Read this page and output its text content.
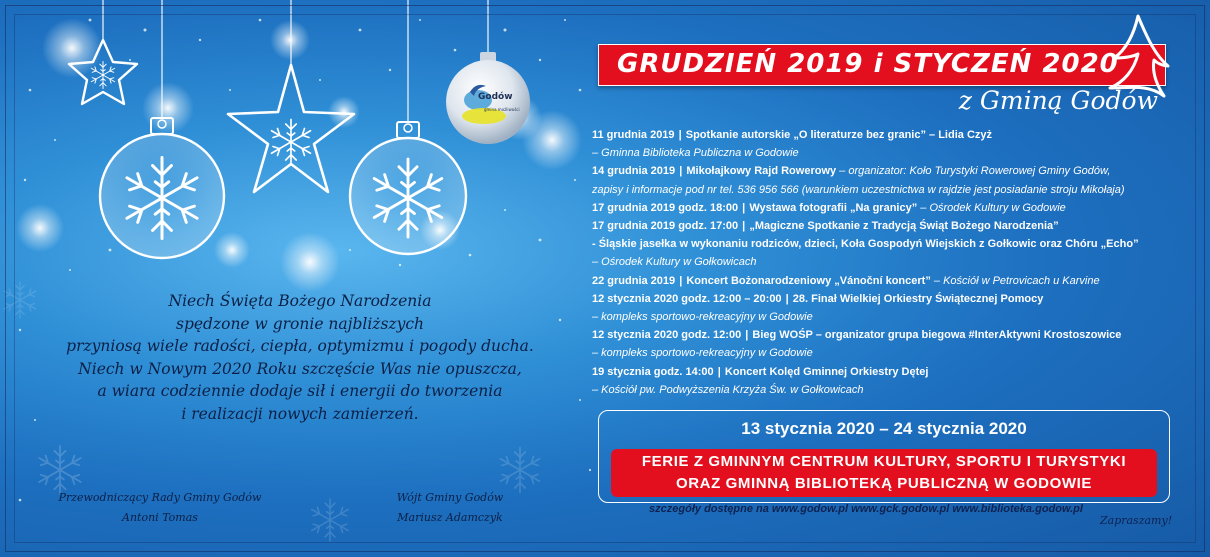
Godów
gmina możliwości
Niech Święta Bożego Narodzenia
spędzone w gronie najbliższych
przyniosą wiele radości, ciepła, optymizmu i pogody ducha.
Niech w Nowym 2020 Roku szczęście Was nie opuszcza,
a wiara codziennie dodaje sił i energii do tworzenia
i realizacji nowych zamierzeń.
Przewodniczący Rady Gminy Godów
Antoni Tomas
Wójt Gminy Godów
Mariusz Adamczyk
GRUDZIEŃ 2019 i STYCZEŃ 2020
z Gminą Godów
11 grudnia 2019 | Spotkanie autorskie „O literaturze bez granic” – Lidia Czyż
– Gminna Biblioteka Publiczna w Godowie
14 grudnia 2019 | Mikołajkowy Rajd Rowerowy – organizator: Koło Turystyki Rowerowej Gminy Godów,
zapisy i informacje pod nr tel. 536 956 566 (warunkiem uczestnictwa w rajdzie jest posiadanie stroju Mikołaja)
17 grudnia 2019 godz. 18:00 | Wystawa fotografii „Na granicy” – Ośrodek Kultury w Godowie
17 grudnia 2019 godz. 17:00 | „Magiczne Spotkanie z Tradycją Świąt Bożego Narodzenia”
- Śląskie jasełka w wykonaniu rodziców, dzieci, Koła Gospodyń Wiejskich z Gołkowic oraz Chóru „Echo”
– Ośrodek Kultury w Gołkowicach
22 grudnia 2019 | Koncert Bożonarodzeniowy „Vánoční koncert” – Kościół w Petrovicach u Karvine
12 stycznia 2020 godz. 12:00 – 20:00 | 28. Finał Wielkiej Orkiestry Świątecznej Pomocy
– kompleks sportowo-rekreacyjny w Godowie
12 stycznia 2020 godz. 12:00 | Bieg WOŚP – organizator grupa biegowa #InterAktywni Krostoszowice
– kompleks sportowo-rekreacyjny w Godowie
19 stycznia godz. 14:00 | Koncert Kolęd Gminnej Orkiestry Dętej
– Kościół pw. Podwyższenia Krzyża Św. w Gołkowicach
13 stycznia 2020 – 24 stycznia 2020
FERIE Z GMINNYM CENTRUM KULTURY, SPORTU I TURYSTYKI
ORAZ GMINNĄ BIBLIOTEKĄ PUBLICZNĄ W GODOWIE
szczegóły dostępne na www.godow.pl www.gck.godow.pl www.biblioteka.godow.pl
Zapraszamy!
